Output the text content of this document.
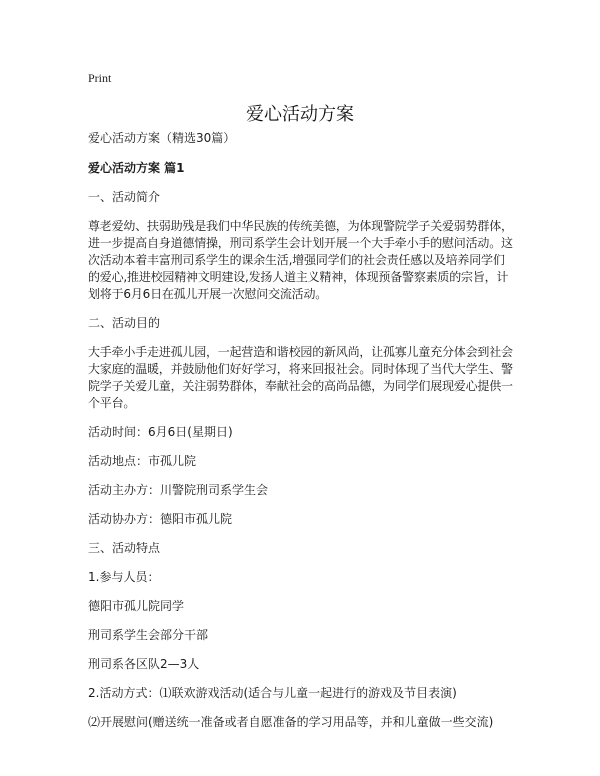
Print
爱心活动方案

爱心活动方案（精选30篇）

爱心活动方案 篇1

一、活动简介

尊老爱幼、扶弱助残是我们中华民族的传统美德，为体现警院学子关爱弱势群体，进一步提高自身道德情操，刑司系学生会计划开展一个大手牵小手的慰问活动。这次活动本着丰富刑司系学生的课余生活,增强同学们的社会责任感以及培养同学们的爱心,推进校园精神文明建设,发扬人道主义精神，体现预备警察素质的宗旨，计划将于6月6日在孤儿开展一次慰问交流活动。

二、活动目的

大手牵小手走进孤儿园，一起营造和谐校园的新风尚，让孤寡儿童充分体会到社会大家庭的温暖，并鼓励他们好好学习，将来回报社会。同时体现了当代大学生、警院学子关爱儿童，关注弱势群体，奉献社会的高尚品德，为同学们展现爱心提供一个平台。

活动时间：6月6日(星期日)

活动地点：市孤儿院

活动主办方：川警院刑司系学生会

活动协办方：德阳市孤儿院

三、活动特点

1.参与人员：

德阳市孤儿院同学

刑司系学生会部分干部

刑司系各区队2—3人

2.活动方式：⑴联欢游戏活动(适合与儿童一起进行的游戏及节目表演)

⑵开展慰问(赠送统一准备或者自愿准备的学习用品等，并和儿童做一些交流)
